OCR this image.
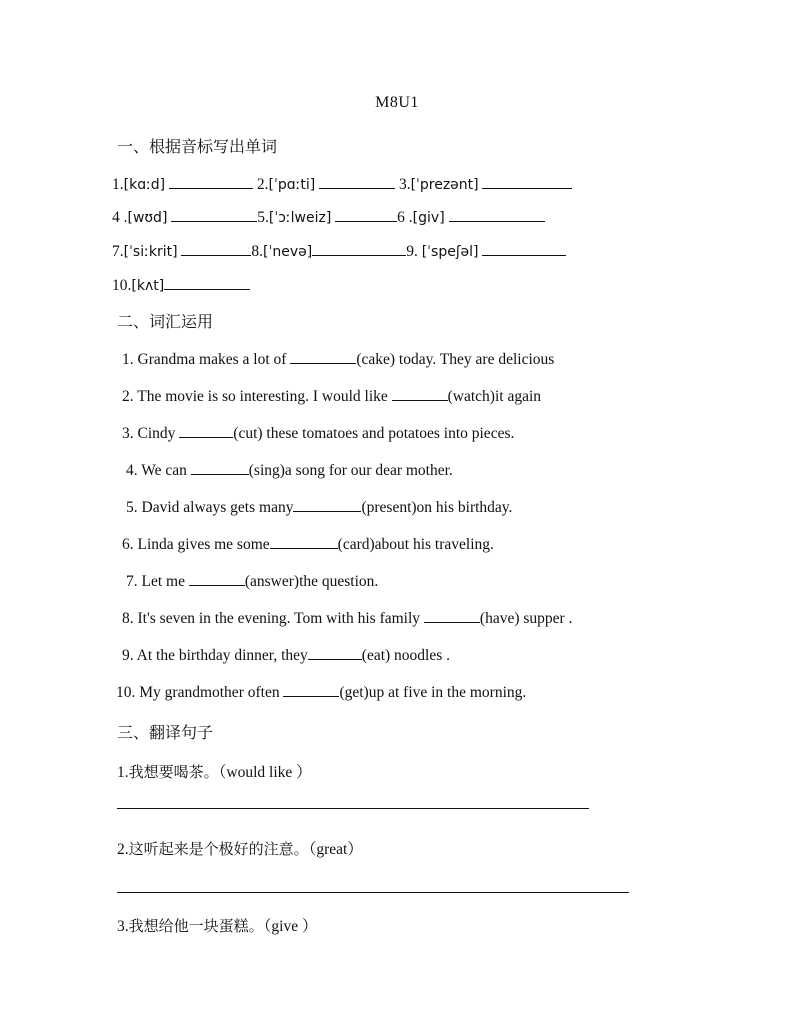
M8U1
一、根据音标写出单词
1.[kɑːd]	2.[ˈpɑːti]	3.[ˈprezənt]
4 .[wʊd]	5.[ˈɔːlweiz]	6 .[giv]
7.[ˈsiːkrit]	8.[ˈnevə]	9. [ˈspeʃəl]
10.[kʌt]
二、词汇运用
1. Grandma makes a lot of	(cake) today. They are delicious
2. The movie is so interesting. I would like	(watch)it again
3. Cindy	(cut) these tomatoes and potatoes into pieces.
4. We can	(sing)a song for our dear mother.
5. David always gets many	(present)on his birthday.
6. Linda gives me some	(card)about his traveling.
7. Let me	(answer)the question.
8. It's seven in the evening. Tom with his family	(have) supper .
9. At the birthday dinner, they	(eat) noodles .
10. My grandmother often	(get)up at five in the morning.
三、翻译句子
1.我想要喝茶。（would like ）
2.这听起来是个极好的注意。（great）
3.我想给他一块蛋糕。（give ）
